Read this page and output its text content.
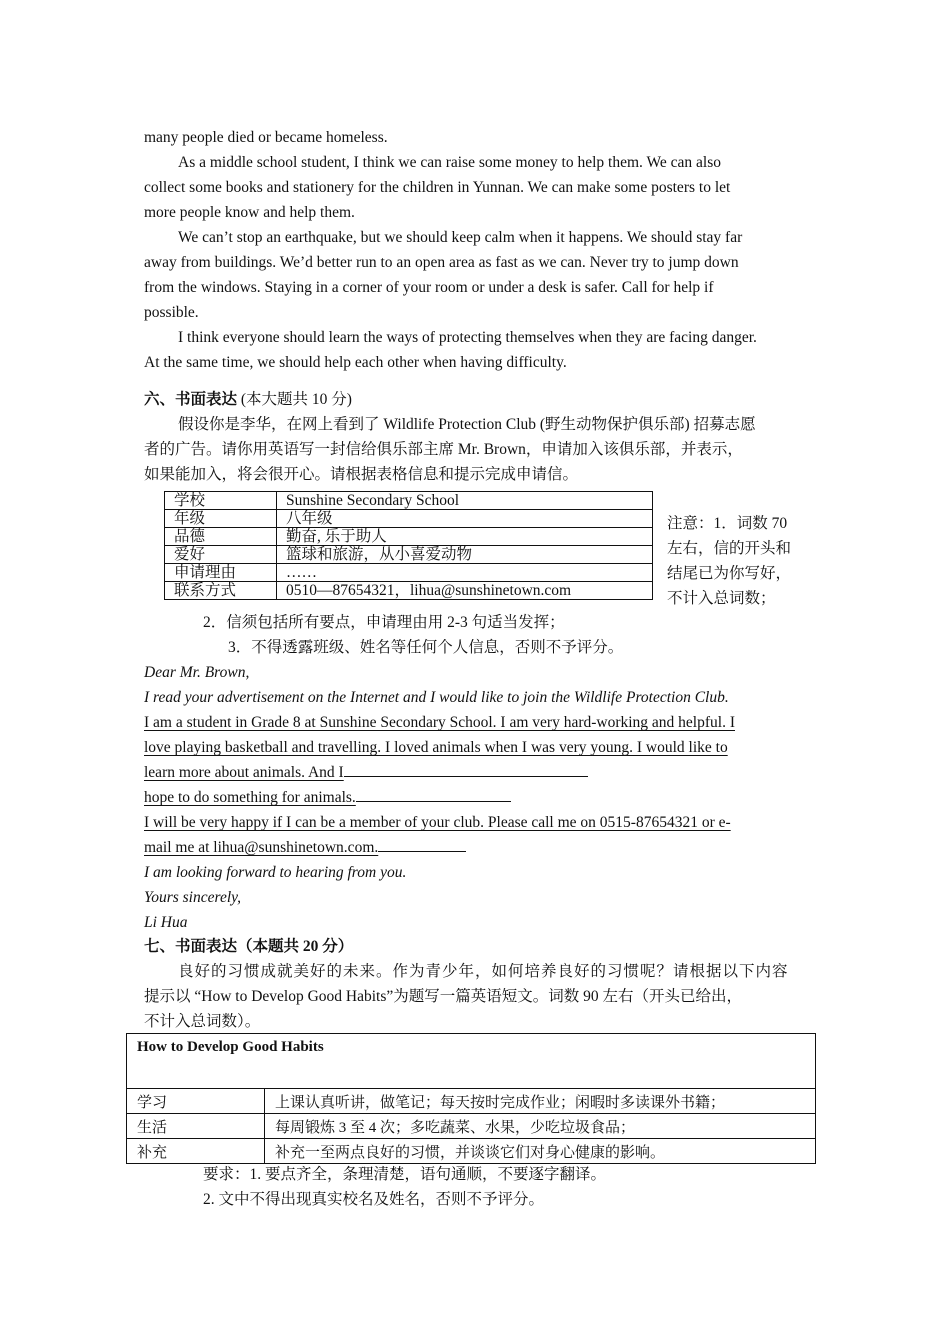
many people died or became homeless.
As a middle school student, I think we can raise some money to help them. We can also
collect some books and stationery for the children in Yunnan. We can make some posters to let
more people know and help them.
We can’t stop an earthquake, but we should keep calm when it happens. We should stay far
away from buildings. We’d better run to an open area as fast as we can. Never try to jump down
from the windows. Staying in a corner of your room or under a desk is safer. Call for help if
possible.
I think everyone should learn the ways of protecting themselves when they are facing danger.
At the same time, we should help each other when having difficulty.
六、书面表达 (本大题共 10 分)
假设你是李华，在网上看到了 Wildlife Protection Club (野生动物保护俱乐部) 招募志愿
者的广告。请你用英语写一封信给俱乐部主席 Mr. Brown，申请加入该俱乐部，并表示，
如果能加入，将会很开心。请根据表格信息和提示完成申请信。
学校	Sunshine Secondary School
年级	八年级
品德	勤奋, 乐于助人
爱好	篮球和旅游，从小喜爱动物
申请理由	……
联系方式	0510—87654321，lihua@sunshinetown.com
注意：1．词数 70
左右，信的开头和
结尾已为你写好，
不计入总词数；
2．信须包括所有要点，申请理由用 2-3 句适当发挥；
3．不得透露班级、姓名等任何个人信息，否则不予评分。
Dear Mr. Brown,
I read your advertisement on the Internet and I would like to join the Wildlife Protection Club.
I am a student in Grade 8 at Sunshine Secondary School. I am very hard-working and helpful. I
love playing basketball and travelling. I loved animals when I was very young. I would like to
learn more about animals. And I
hope to do something for animals.
I will be very happy if I can be a member of your club. Please call me on 0515-87654321 or e-
mail me at lihua@sunshinetown.com.
I am looking forward to hearing from you.
Yours sincerely,
Li Hua
七、书面表达（本题共 20 分）
良好的习惯成就美好的未来。作为青少年，如何培养良好的习惯呢？请根据以下内容
提示以 “How to Develop Good Habits”为题写一篇英语短文。词数 90 左右（开头已给出，
不计入总词数）。
How to Develop Good Habits	
学习	上课认真听讲，做笔记；每天按时完成作业；闲暇时多读课外书籍；
生活	每周锻炼 3 至 4 次；多吃蔬菜、水果，少吃垃圾食品；
补充	补充一至两点良好的习惯，并谈谈它们对身心健康的影响。
要求：1. 要点齐全，条理清楚，语句通顺，不要逐字翻译。
2. 文中不得出现真实校名及姓名，否则不予评分。
